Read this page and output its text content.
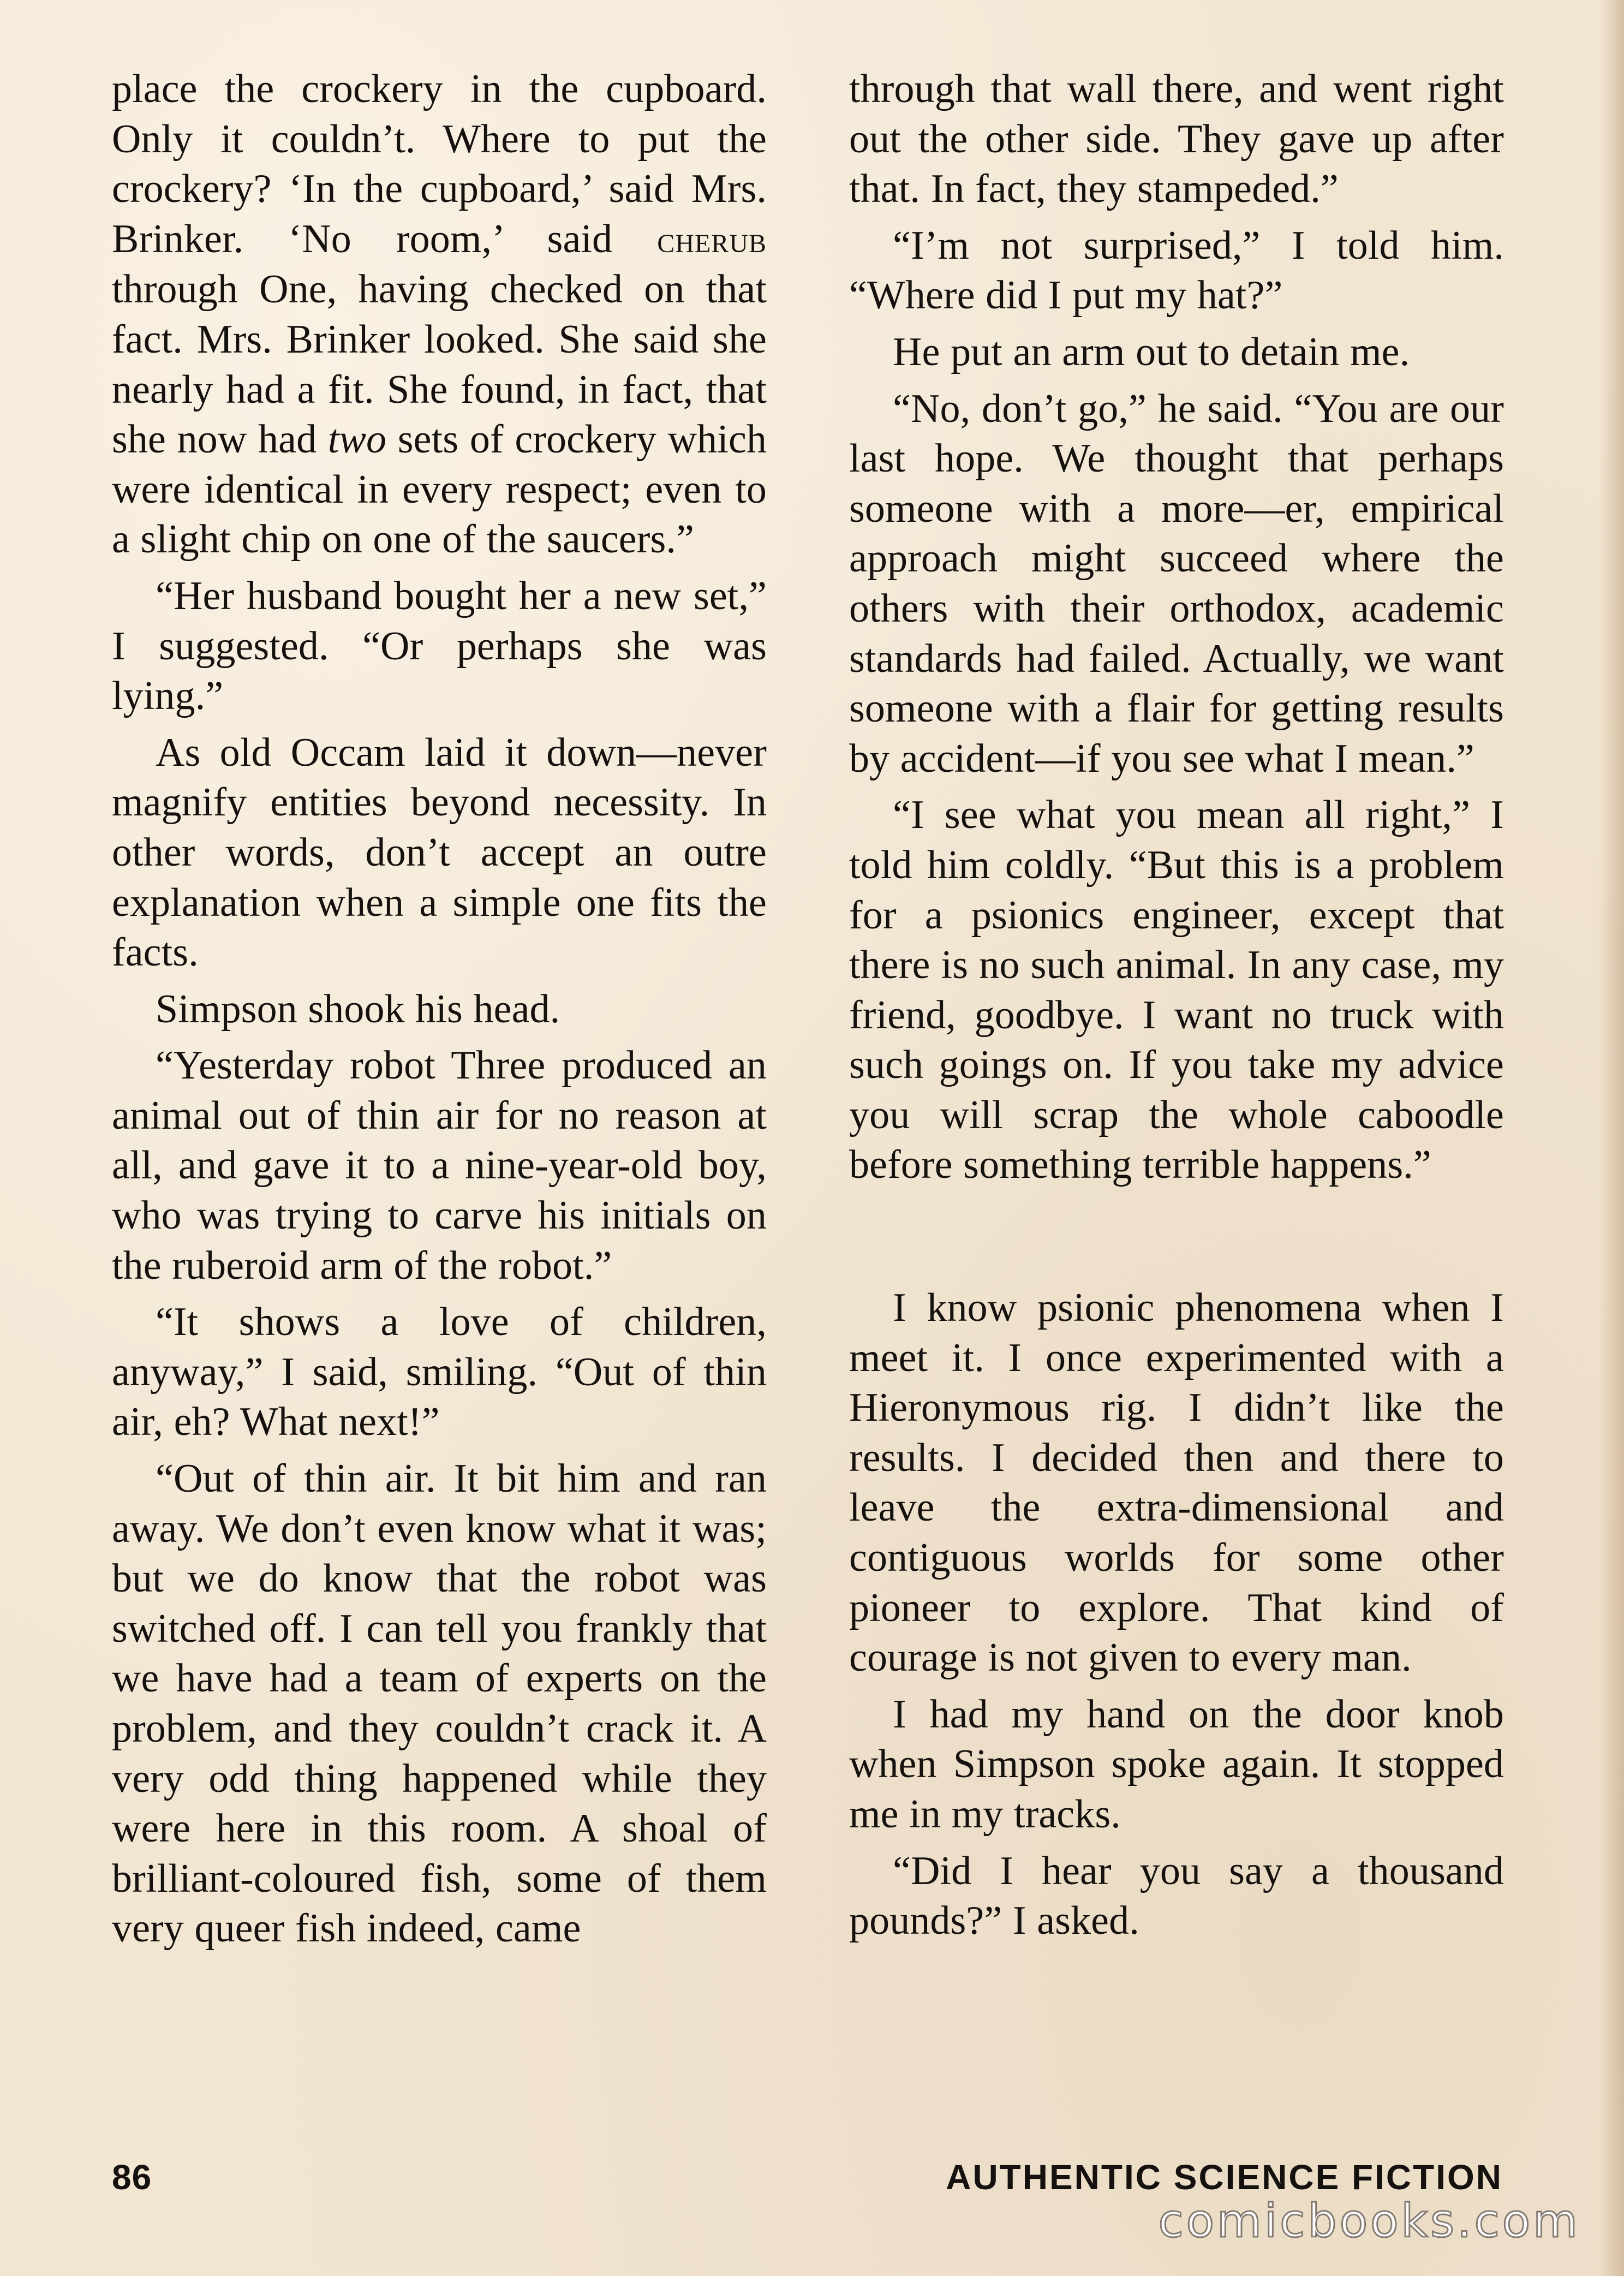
place the crockery in the cupboard. Only it couldn’t. Where to put the crockery? ‘In the cupboard,’ said Mrs. Brinker. ‘No room,’ said cherub through One, having checked on that fact. Mrs. Brinker looked. She said she nearly had a fit. She found, in fact, that she now had two sets of crockery which were identical in every respect; even to a slight chip on one of the saucers.”

“Her husband bought her a new set,” I suggested. “Or perhaps she was lying.”

As old Occam laid it down—never magnify entities beyond necessity. In other words, don’t accept an outre explanation when a simple one fits the facts.

Simpson shook his head.

“Yesterday robot Three produced an animal out of thin air for no reason at all, and gave it to a nine-year-old boy, who was trying to carve his initials on the ruberoid arm of the robot.”

“It shows a love of children, anyway,” I said, smiling. “Out of thin air, eh? What next!”

“Out of thin air. It bit him and ran away. We don’t even know what it was; but we do know that the robot was switched off. I can tell you frankly that we have had a team of experts on the problem, and they couldn’t crack it. A very odd thing happened while they were here in this room. A shoal of brilliant-coloured fish, some of them very queer fish indeed, came

through that wall there, and went right out the other side. They gave up after that. In fact, they stampeded.”

“I’m not surprised,” I told him. “Where did I put my hat?”

He put an arm out to detain me.

“No, don’t go,” he said. “You are our last hope. We thought that perhaps someone with a more—er, empirical approach might succeed where the others with their orthodox, academic standards had failed. Actually, we want someone with a flair for getting results by accident—if you see what I mean.”

“I see what you mean all right,” I told him coldly. “But this is a problem for a psionics engineer, except that there is no such animal. In any case, my friend, goodbye. I want no truck with such goings on. If you take my advice you will scrap the whole caboodle before something terrible happens.”

I know psionic phenomena when I meet it. I once experimented with a Hieronymous rig. I didn’t like the results. I decided then and there to leave the extra-dimensional and contiguous worlds for some other pioneer to explore. That kind of courage is not given to every man.

I had my hand on the door knob when Simpson spoke again. It stopped me in my tracks.

“Did I hear you say a thousand pounds?” I asked.

86	AUTHENTIC SCIENCE FICTION
comicbooks.com
